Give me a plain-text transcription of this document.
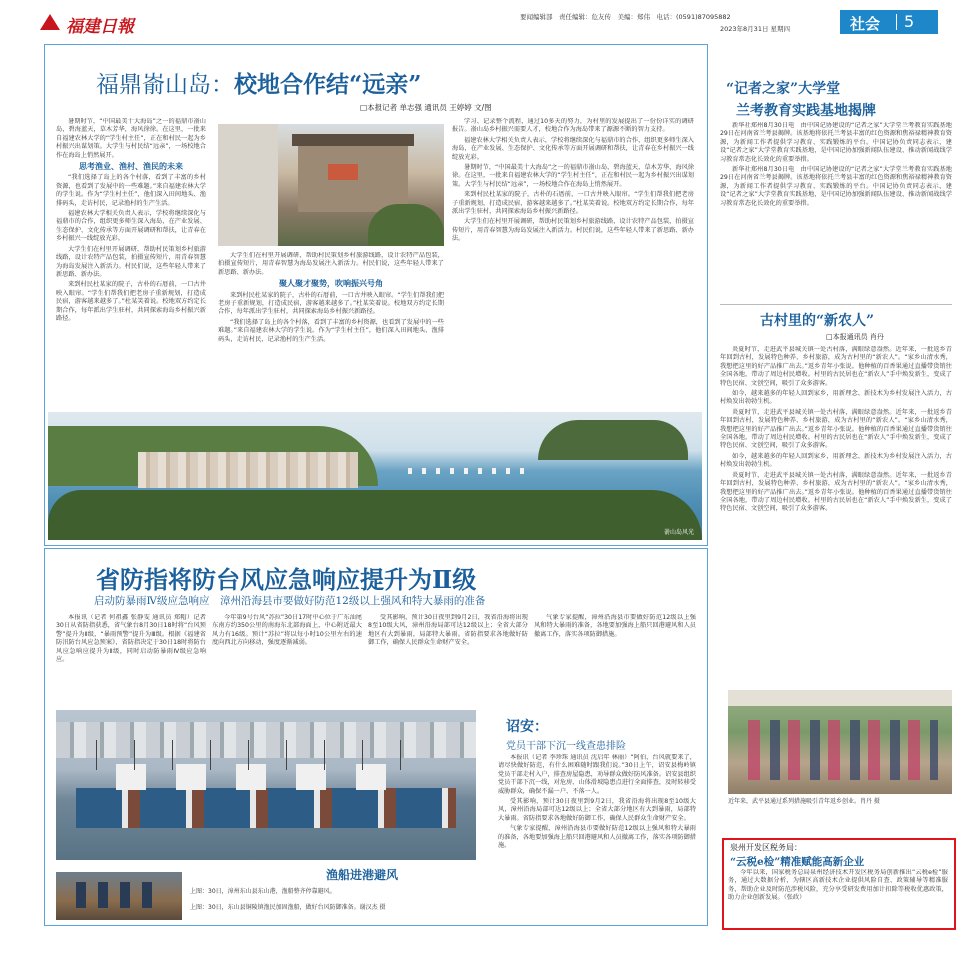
福建日報	要闻编辑部　责任编辑：危友传　美编：郑伟　电话：(0591)87095882
2023年8月31日 星期四	社会 5
福鼎嵛山岛：校地合作结“远亲”
□本报记者 单志强 通讯员 王婷婷 文/图

暑期时节，“中国最美十大海岛”之一的福鼎市嵛山岛，碧海蓝天，草木芳华，海风徐徐。在这里，一批来自福建农林大学的“学生村主任”，正在和村民一起为乡村振兴出谋划策。大学生与村民结“远亲”，一场校地合作在海岛上悄然展开。

思考渔业、渔村、渔民的未来

“我们选择了岛上的各个村落，看到了丰富的乡村资源，也看到了发展中的一些难题。”来自福建农林大学的学生说。作为“学生村主任”，他们深入田间地头、渔排码头，走访村民，记录渔村的生产生活。

福建农林大学相关负责人表示，学校将继续深化与福鼎市的合作，组织更多师生深入海岛，在产业发展、生态保护、文化传承等方面开展调研和帮扶，让青春在乡村振兴一线绽放光彩。

大学生们在村里开展调研，帮助村民策划乡村旅游线路，设计农特产品包装，拍摄宣传短片，用青春智慧为海岛发展注入新活力。村民们说，这些年轻人带来了新思路、新办法。

来到村民杜某家的院子，古朴的石厝前，一口古井映入眼帘。“学生们帮我们把老房子重新规划，打造成民宿，游客越来越多了。”杜某笑着说。校地双方约定长期合作，每年派出学生驻村，共同探索海岛乡村振兴新路径。

大学生们在村里开展调研，帮助村民策划乡村旅游线路，设计农特产品包装，拍摄宣传短片，用青春智慧为海岛发展注入新活力。村民们说，这些年轻人带来了新思路、新办法。

聚人聚才聚势，吹响振兴号角

来到村民杜某家的院子，古朴的石厝前，一口古井映入眼帘。“学生们帮我们把老房子重新规划，打造成民宿，游客越来越多了。”杜某笑着说。校地双方约定长期合作，每年派出学生驻村，共同探索海岛乡村振兴新路径。

“我们选择了岛上的各个村落，看到了丰富的乡村资源，也看到了发展中的一些难题。”来自福建农林大学的学生说。作为“学生村主任”，他们深入田间地头、渔排码头，走访村民，记录渔村的生产生活。

学习、记录整个流程，通过10多天的努力，为村里的发展提出了一份份详实的调研报告。嵛山岛乡村振兴需要人才，校地合作为海岛带来了源源不断的智力支持。

福建农林大学相关负责人表示，学校将继续深化与福鼎市的合作，组织更多师生深入海岛，在产业发展、生态保护、文化传承等方面开展调研和帮扶，让青春在乡村振兴一线绽放光彩。

暑期时节，“中国最美十大海岛”之一的福鼎市嵛山岛，碧海蓝天，草木芳华，海风徐徐。在这里，一批来自福建农林大学的“学生村主任”，正在和村民一起为乡村振兴出谋划策。大学生与村民结“远亲”，一场校地合作在海岛上悄然展开。

来到村民杜某家的院子，古朴的石厝前，一口古井映入眼帘。“学生们帮我们把老房子重新规划，打造成民宿，游客越来越多了。”杜某笑着说。校地双方约定长期合作，每年派出学生驻村，共同探索海岛乡村振兴新路径。

大学生们在村里开展调研，帮助村民策划乡村旅游线路，设计农特产品包装，拍摄宣传短片，用青春智慧为海岛发展注入新活力。村民们说，这些年轻人带来了新思路、新办法。

嵛山岛风光
省防指将防台风应急响应提升为Ⅱ级
启动防暴雨Ⅳ级应急响应　漳州沿海县市要做好防范12级以上强风和特大暴雨的准备

本报讯（记者 何祖鑫 张静雯 通讯员 郑帽）记者30日从省防指获悉，省气象台8月30日18时将“台风预警”提升为Ⅱ级，“暴雨预警”提升为Ⅲ级。根据《福建省防汛防台风应急预案》，省防指决定于30日18时将防台风应急响应提升为Ⅱ级，同时启动防暴雨Ⅳ级应急响应。

今年第9号台风“苏拉”30日17时中心位于广东汕尾东南方约350公里的南海东北部海面上，中心附近最大风力有16级。预计“苏拉”将以每小时10公里左右的速度向西北方向移动，强度逐渐减弱。

受其影响，预计30日夜里到9月2日，我省沿海将出现8至10级大风，漳州沿海局部可达12级以上；全省大部分地区有大到暴雨，局部特大暴雨。省防指要求各地做好防御工作，确保人民群众生命财产安全。

气象专家提醒，漳州沿海县市要做好防范12级以上强风和特大暴雨的准备，各地要加强海上船只回港避风和人员撤离工作，落实各项防御措施。

渔船进港避风
上图：30日，漳州东山县东山港，渔船整齐停靠避风。
上图：30日，东山县铜陵镇渔民加固渔船，做好台风防御准备。谢汉杰 摄
诏安：
党员干部下沉一线查患排险

本报讯（记者 李珍珠 通讯员 沈启年 林丽）“阿伯，台风就要来了，请尽快做好防范，有什么困难随时跟我们说。”30日上午，诏安县梅岭镇党员干部走村入户，排查房屋隐患，劝导群众做好防风准备。诏安县组织党员干部下沉一线，对危房、山体滑坡隐患点进行全面排查，及时转移受威胁群众，确保不漏一户、不落一人。

受其影响，预计30日夜里到9月2日，我省沿海将出现8至10级大风，漳州沿海局部可达12级以上；全省大部分地区有大到暴雨，局部特大暴雨。省防指要求各地做好防御工作，确保人民群众生命财产安全。

气象专家提醒，漳州沿海县市要做好防范12级以上强风和特大暴雨的准备，各地要加强海上船只回港避风和人员撤离工作，落实各项防御措施。

“记者之家”大学堂
兰考教育实践基地揭牌

新华社郑州8月30日电　由中国记协建设的“记者之家”大学堂兰考教育实践基地29日在河南省兰考县揭牌。该基地将依托兰考县丰富的红色资源和焦裕禄精神教育资源，为新闻工作者提供学习教育、实践锻炼的平台。中国记协负责同志表示，建设“记者之家”大学堂教育实践基地，是中国记协加强新闻队伍建设、推动新闻战线学习教育常态化长效化的重要举措。

新华社郑州8月30日电　由中国记协建设的“记者之家”大学堂兰考教育实践基地29日在河南省兰考县揭牌。该基地将依托兰考县丰富的红色资源和焦裕禄精神教育资源，为新闻工作者提供学习教育、实践锻炼的平台。中国记协负责同志表示，建设“记者之家”大学堂教育实践基地，是中国记协加强新闻队伍建设、推动新闻战线学习教育常态化长效化的重要举措。

古村里的“新农人”
□本报通讯员 肖丹

炎夏时节，走进武平县城关镇一处古村落，满眼绿意盎然。近年来，一批返乡青年回到古村，发展特色种养、乡村旅游，成为古村里的“新农人”。“家乡山清水秀，我想把这里的好产品推广出去。”返乡青年小张说。他种植的百香果通过直播带货销往全国各地，带动了周边村民增收。村里的古民居也在“新农人”手中焕发新生，变成了特色民宿、文创空间，吸引了众多游客。

如今，越来越多的年轻人回到家乡，用新理念、新技术为乡村发展注入活力，古村焕发出勃勃生机。

炎夏时节，走进武平县城关镇一处古村落，满眼绿意盎然。近年来，一批返乡青年回到古村，发展特色种养、乡村旅游，成为古村里的“新农人”。“家乡山清水秀，我想把这里的好产品推广出去。”返乡青年小张说。他种植的百香果通过直播带货销往全国各地，带动了周边村民增收。村里的古民居也在“新农人”手中焕发新生，变成了特色民宿、文创空间，吸引了众多游客。

如今，越来越多的年轻人回到家乡，用新理念、新技术为乡村发展注入活力，古村焕发出勃勃生机。

炎夏时节，走进武平县城关镇一处古村落，满眼绿意盎然。近年来，一批返乡青年回到古村，发展特色种养、乡村旅游，成为古村里的“新农人”。“家乡山清水秀，我想把这里的好产品推广出去。”返乡青年小张说。他种植的百香果通过直播带货销往全国各地，带动了周边村民增收。村里的古民居也在“新农人”手中焕发新生，变成了特色民宿、文创空间，吸引了众多游客。

近年来，武平县通过系列措施吸引青年返乡创业。肖丹 摄
泉州开发区税务局：
“云税e检”精准赋能高新企业

今年以来，国家税务总局泉州经济技术开发区税务局创新推出“云税e检”服务，通过大数据分析，为辖区高新技术企业提供风险自查、政策辅导等精准服务，帮助企业及时防范涉税风险，充分享受研发费用加计扣除等税收优惠政策，助力企业创新发展。（张政）
